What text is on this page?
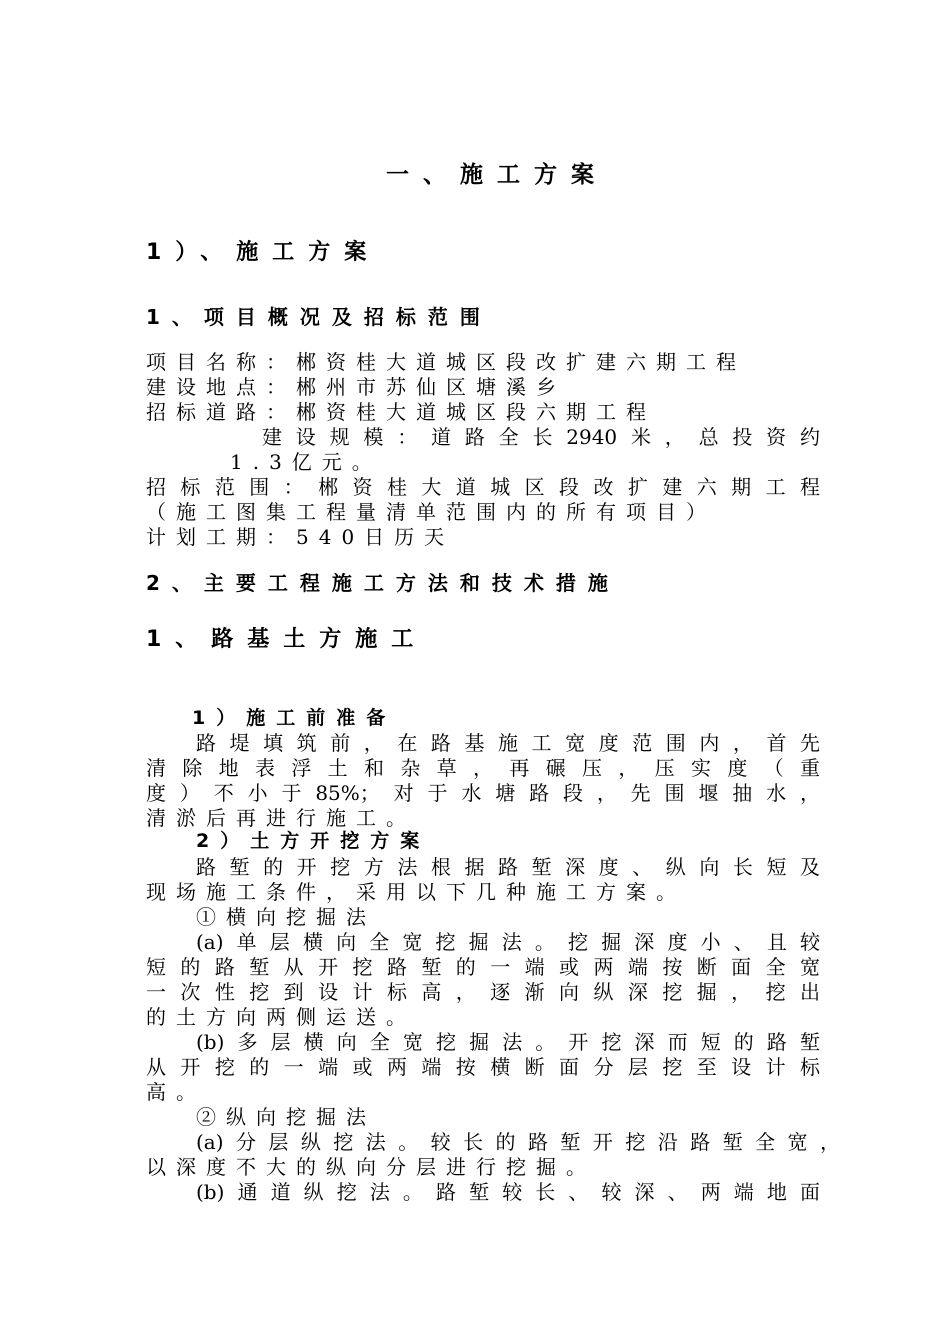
一、施工方案
1）、施工方案
1、项目概况及招标范围
项目名称：郴资桂大道城区段改扩建六期工程
建设地点：郴州市苏仙区塘溪乡
招标道路：郴资桂大道城区段六期工程
建设规模：道路全长2940米，总投资约
1.3亿元。
招标范围：郴资桂大道城区段改扩建六期工程
（施工图集工程量清单范围内的所有项目）
计划工期：540日历天
2、主要工程施工方法和技术措施
1、路基土方施工
1）施工前准备
路堤填筑前，在路基施工宽度范围内，首先
清除地表浮土和杂草，再碾压，压实度（重
度）不小于85%；对于水塘路段，先围堰抽水，
清淤后再进行施工。
2）土方开挖方案
路堑的开挖方法根据路堑深度、纵向长短及
现场施工条件，采用以下几种施工方案。
①横向挖掘法
(a)单层横向全宽挖掘法。挖掘深度小、且较
短的路堑从开挖路堑的一端或两端按断面全宽
一次性挖到设计标高，逐渐向纵深挖掘，挖出
的土方向两侧运送。
(b)多层横向全宽挖掘法。开挖深而短的路堑
从开挖的一端或两端按横断面分层挖至设计标
高。
②纵向挖掘法
(a)分层纵挖法。较长的路堑开挖沿路堑全宽，
以深度不大的纵向分层进行挖掘。
(b)通道纵挖法。路堑较长、较深、两端地面
